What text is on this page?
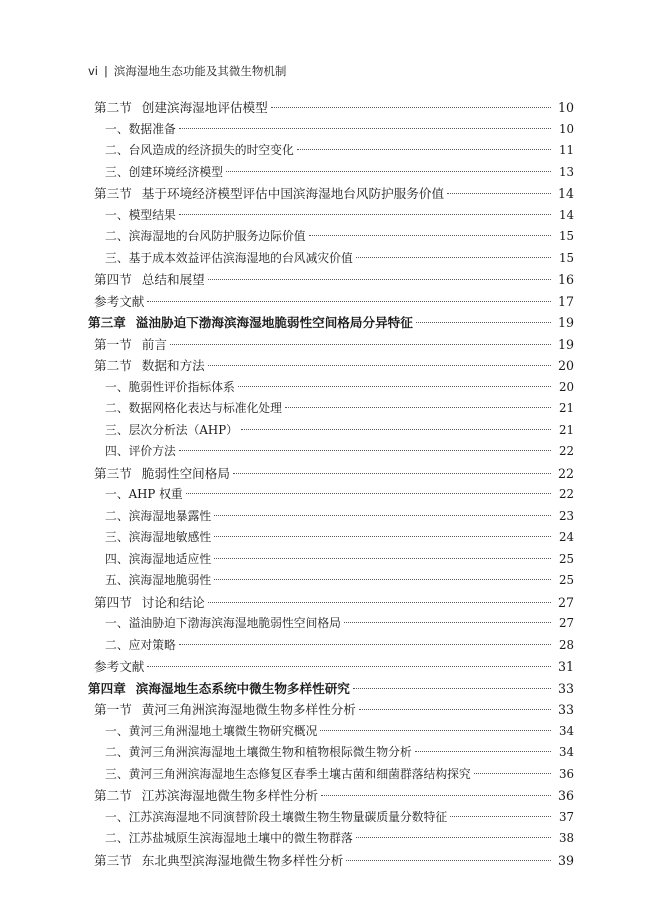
vi | 滨海湿地生态功能及其微生物机制
第二节 创建滨海湿地评估模型	10
一、数据准备	10
二、台风造成的经济损失的时空变化	11
三、创建环境经济模型	13
第三节 基于环境经济模型评估中国滨海湿地台风防护服务价值	14
一、模型结果	14
二、滨海湿地的台风防护服务边际价值	15
三、基于成本效益评估滨海湿地的台风减灾价值	15
第四节 总结和展望	16
参考文献	17
第三章 溢油胁迫下渤海滨海湿地脆弱性空间格局分异特征	19
第一节 前言	19
第二节 数据和方法	20
一、脆弱性评价指标体系	20
二、数据网格化表达与标准化处理	21
三、层次分析法（AHP）	21
四、评价方法	22
第三节 脆弱性空间格局	22
一、AHP 权重	22
二、滨海湿地暴露性	23
三、滨海湿地敏感性	24
四、滨海湿地适应性	25
五、滨海湿地脆弱性	25
第四节 讨论和结论	27
一、溢油胁迫下渤海滨海湿地脆弱性空间格局	27
二、应对策略	28
参考文献	31
第四章 滨海湿地生态系统中微生物多样性研究	33
第一节 黄河三角洲滨海湿地微生物多样性分析	33
一、黄河三角洲湿地土壤微生物研究概况	34
二、黄河三角洲滨海湿地土壤微生物和植物根际微生物分析	34
三、黄河三角洲滨海湿地生态修复区春季土壤古菌和细菌群落结构探究	36
第二节 江苏滨海湿地微生物多样性分析	36
一、江苏滨海湿地不同演替阶段土壤微生物生物量碳质量分数特征	37
二、江苏盐城原生滨海湿地土壤中的微生物群落	38
第三节 东北典型滨海湿地微生物多样性分析	39
